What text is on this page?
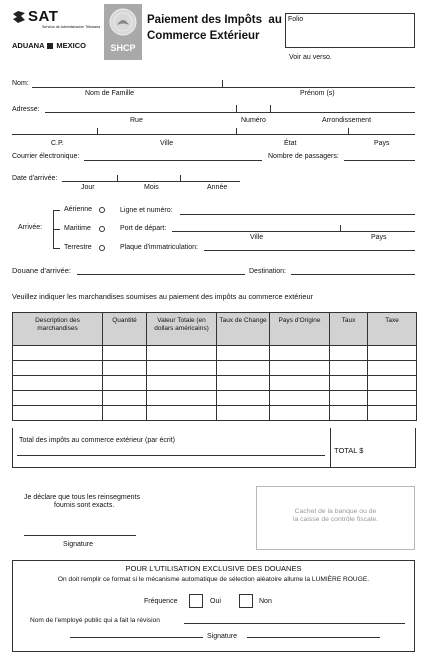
SAT
Servicio de Administración Tributaria
ADUANA MEXICO	SHCP
Paiement des Impôts  au
Commerce Extérieur
Folio
Voir au verso.
Nom:
Nom de Famille	Prénom (s)
Adresse:
Rue	Numéro	Arrondissement
C.P.	Ville	État	Pays
Courrier électronique:	Nombre de passagers:
Date d'arrivée:
Jour	Mois	Année
Arrivée:
Aérienne
Maritime
Terrestre
Ligne et numéro:
Port de départ:
Ville	Pays
Plaque d'immatriculation:
Douane d'arrivée:	Destination:
Veuillez indiquer les marchandises soumises au paiement des impôts au commerce extérieur
Description des marchandises	Quantité	Valeur Totale (en dollars américains)	Taux de Change	Pays d'Origine	Taux	Taxe

Total des impôts au commerce extérieur (par écrit)
TOTAL $
Je déclare que tous les reinsegments
fournis sont exacts.
Signature
Cachet de la banque ou de
la caisse de contrôle fiscale.
POUR L'UTILISATION EXCLUSIVE DES DOUANES
On doit remplir ce format si le mécanisme automatique de sélection aléatoire allume la LUMIÈRE ROUGE.
Fréquence	Oui	Non
Nom de l'employé public qui a fait la révision
Signature
